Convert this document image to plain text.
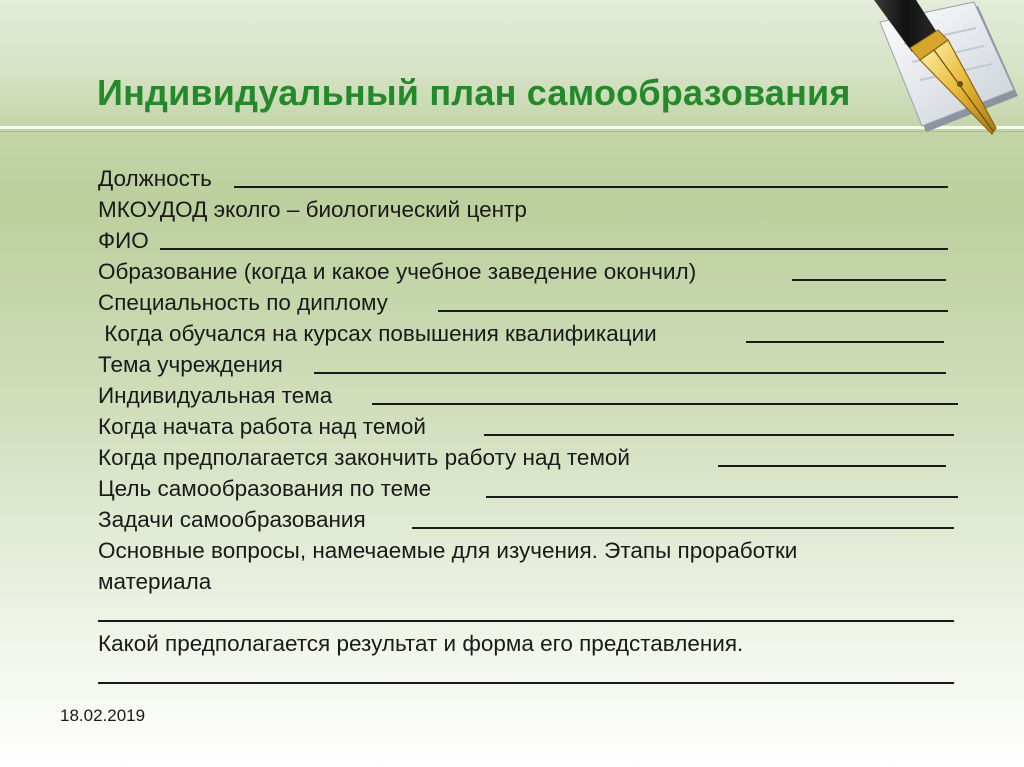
Индивидуальный план самообразования
Должность
МКОУДОД эколго – биологический центр
ФИО
Образование (когда и какое учебное заведение окончил)
Специальность по диплому
Когда обучался на курсах повышения квалификации
Тема учреждения
Индивидуальная тема
Когда начата работа над темой
Когда предполагается закончить работу над темой
Цель самообразования по теме
Задачи самообразования
Основные вопросы, намечаемые для изучения. Этапы проработки
материала
Какой предполагается результат и форма его представления.
18.02.2019
